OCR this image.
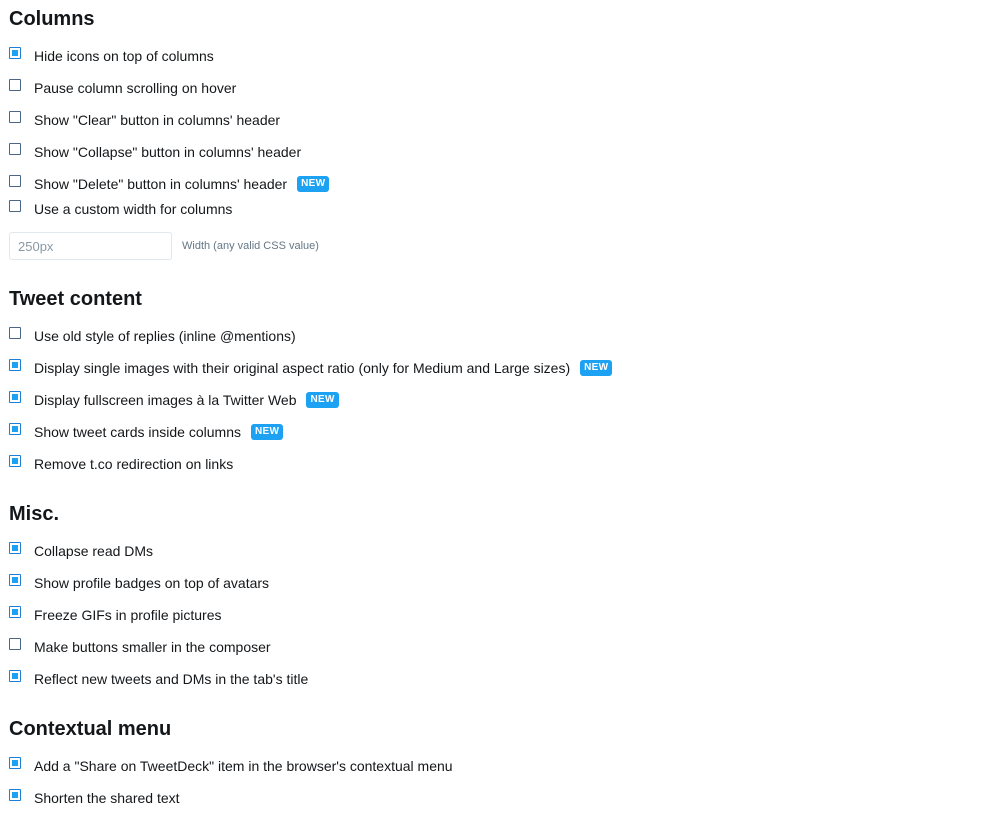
Columns
Hide icons on top of columns
Pause column scrolling on hover
Show "Clear" button in columns' header
Show "Collapse" button in columns' header
Show "Delete" button in columns' header	NEW
Use a custom width for columns
250px
Width (any valid CSS value)
Tweet content
Use old style of replies (inline @mentions)
Display single images with their original aspect ratio (only for Medium and Large sizes)	NEW
Display fullscreen images à la Twitter Web	NEW
Show tweet cards inside columns	NEW
Remove t.co redirection on links
Misc.
Collapse read DMs
Show profile badges on top of avatars
Freeze GIFs in profile pictures
Make buttons smaller in the composer
Reflect new tweets and DMs in the tab's title
Contextual menu
Add a "Share on TweetDeck" item in the browser's contextual menu
Shorten the shared text
